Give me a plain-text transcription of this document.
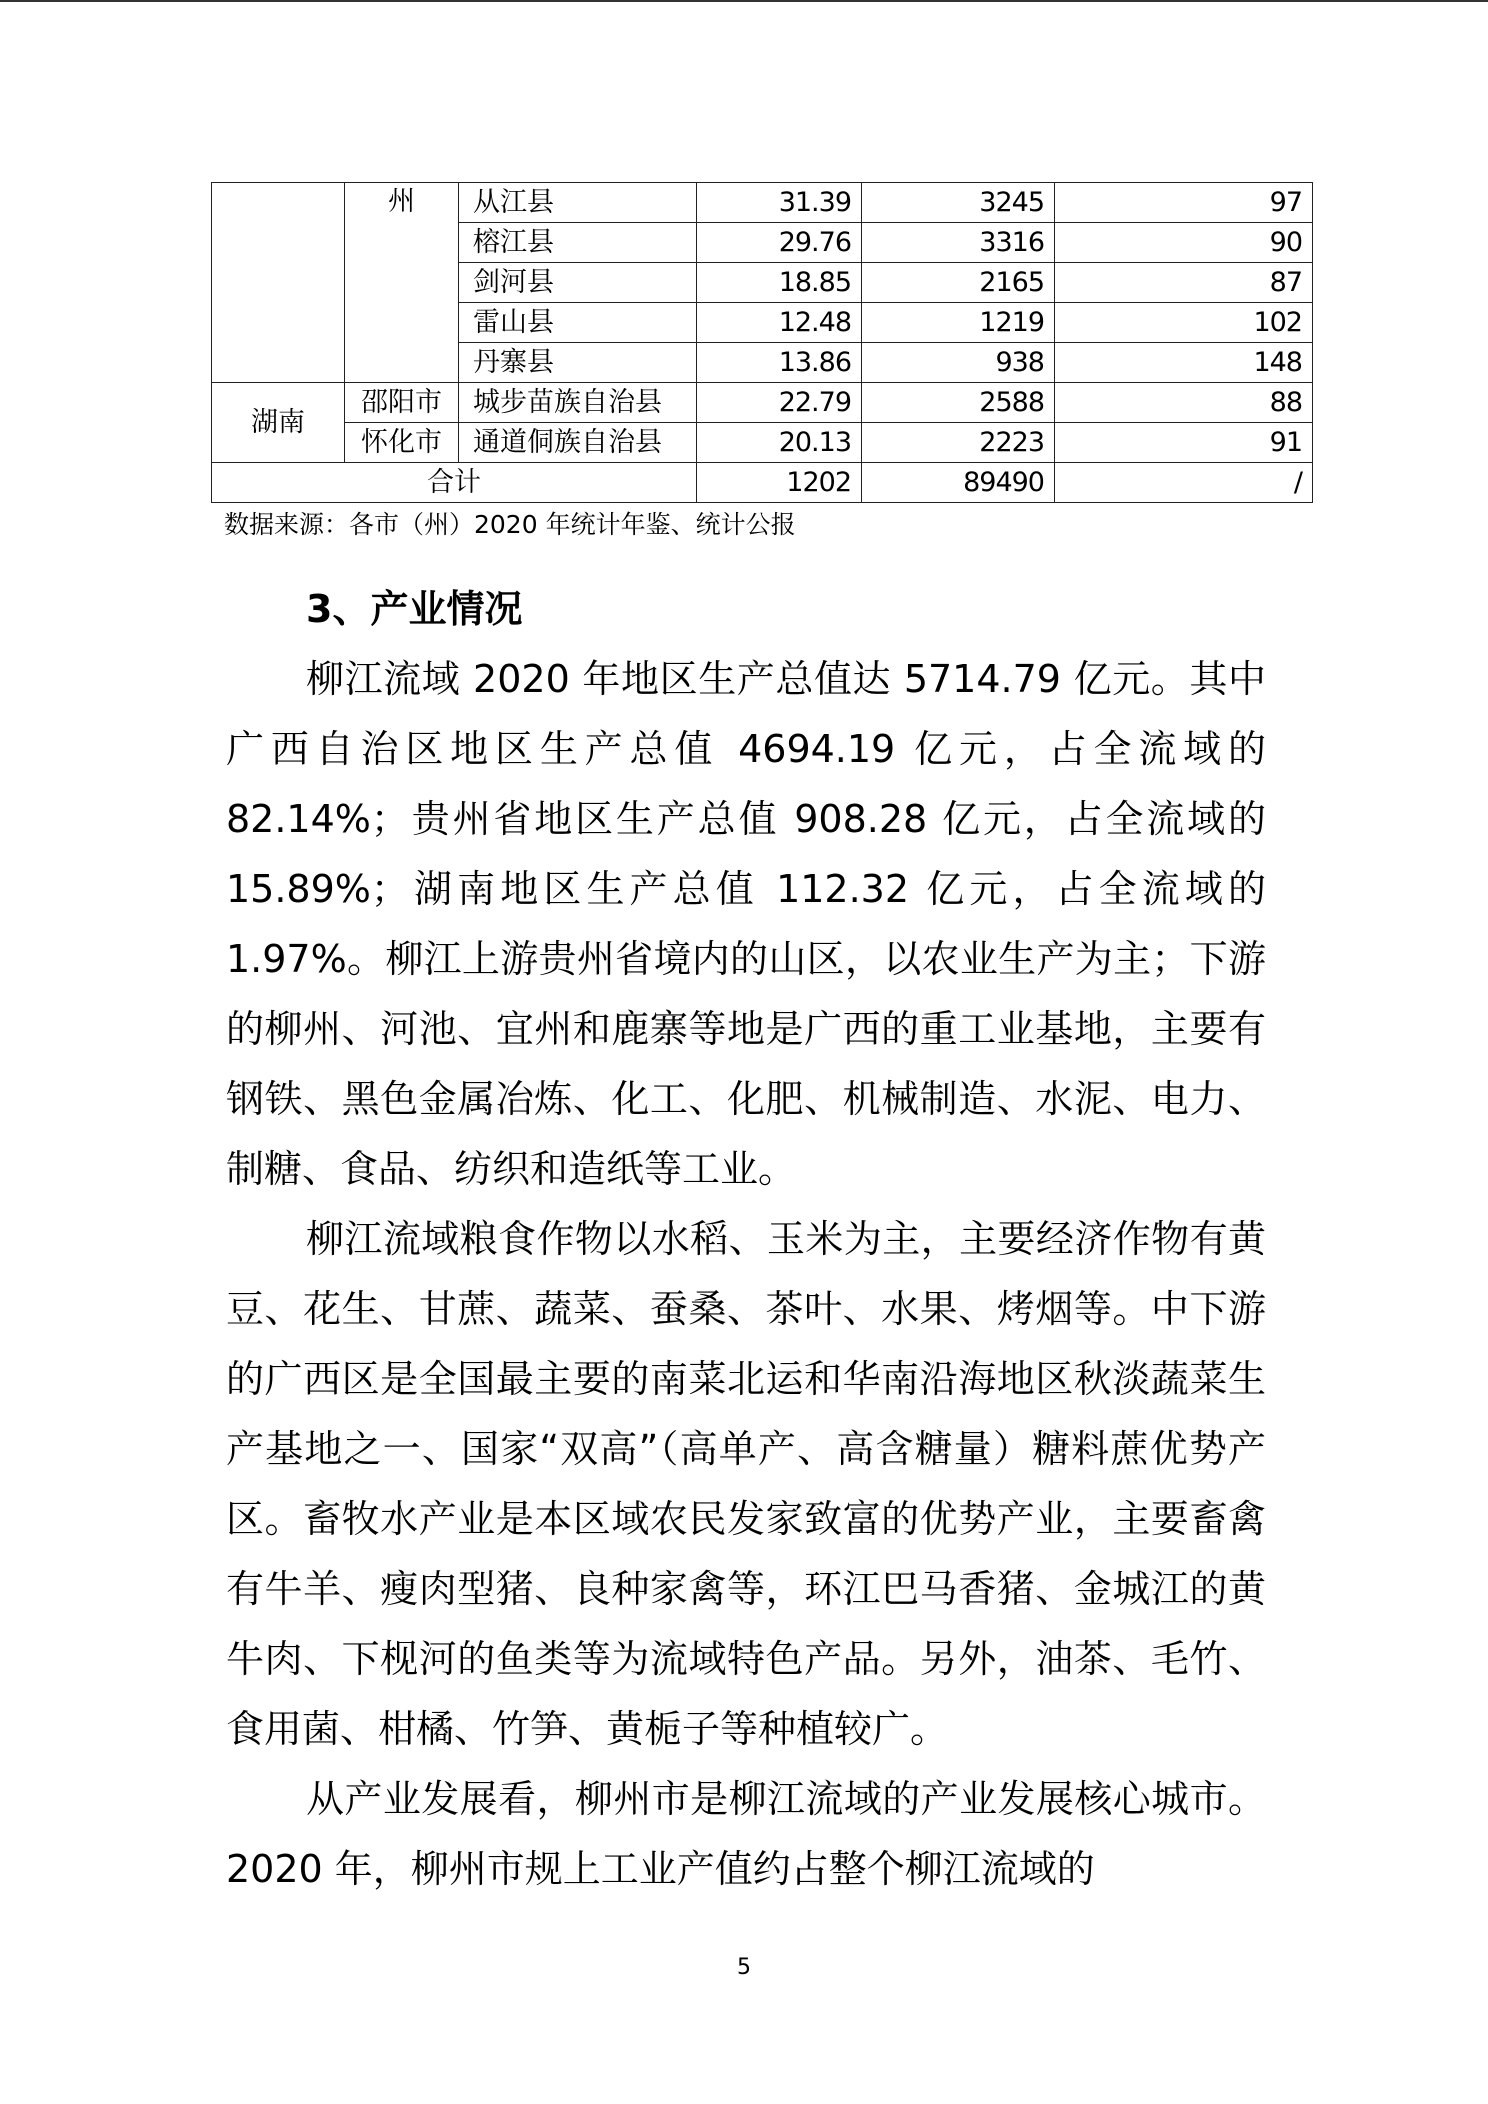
	州	从江县	31.39	3245	97
		榕江县	29.76	3316	90
		剑河县	18.85	2165	87
		雷山县	12.48	1219	102
		丹寨县	13.86	938	148
湖南	邵阳市	城步苗族自治县	22.79	2588	88
	怀化市	通道侗族自治县	20.13	2223	91
合计			1202	89490	/

数据来源：各市（州）2020 年统计年鉴、统计公报

3、产业情况

柳江流域 2020 年地区生产总值达 5714.79 亿元。其中广西自治区地区生产总值 4694.19 亿元，占全流域的 82.14%；贵州省地区生产总值 908.28 亿元，占全流域的 15.89%；湖南地区生产总值 112.32 亿元，占全流域的 1.97%。柳江上游贵州省境内的山区，以农业生产为主；下游的柳州、河池、宜州和鹿寨等地是广西的重工业基地，主要有钢铁、黑色金属冶炼、化工、化肥、机械制造、水泥、电力、制糖、食品、纺织和造纸等工业。

柳江流域粮食作物以水稻、玉米为主，主要经济作物有黄豆、花生、甘蔗、蔬菜、蚕桑、茶叶、水果、烤烟等。中下游的广西区是全国最主要的南菜北运和华南沿海地区秋淡蔬菜生产基地之一、国家“双高”（高单产、高含糖量）糖料蔗优势产区。畜牧水产业是本区域农民发家致富的优势产业，主要畜禽有牛羊、瘦肉型猪、良种家禽等，环江巴马香猪、金城江的黄牛肉、下枧河的鱼类等为流域特色产品。另外，油茶、毛竹、食用菌、柑橘、竹笋、黄栀子等种植较广。

从产业发展看，柳州市是柳江流域的产业发展核心城市。2020 年，柳州市规上工业产值约占整个柳江流域的

5
